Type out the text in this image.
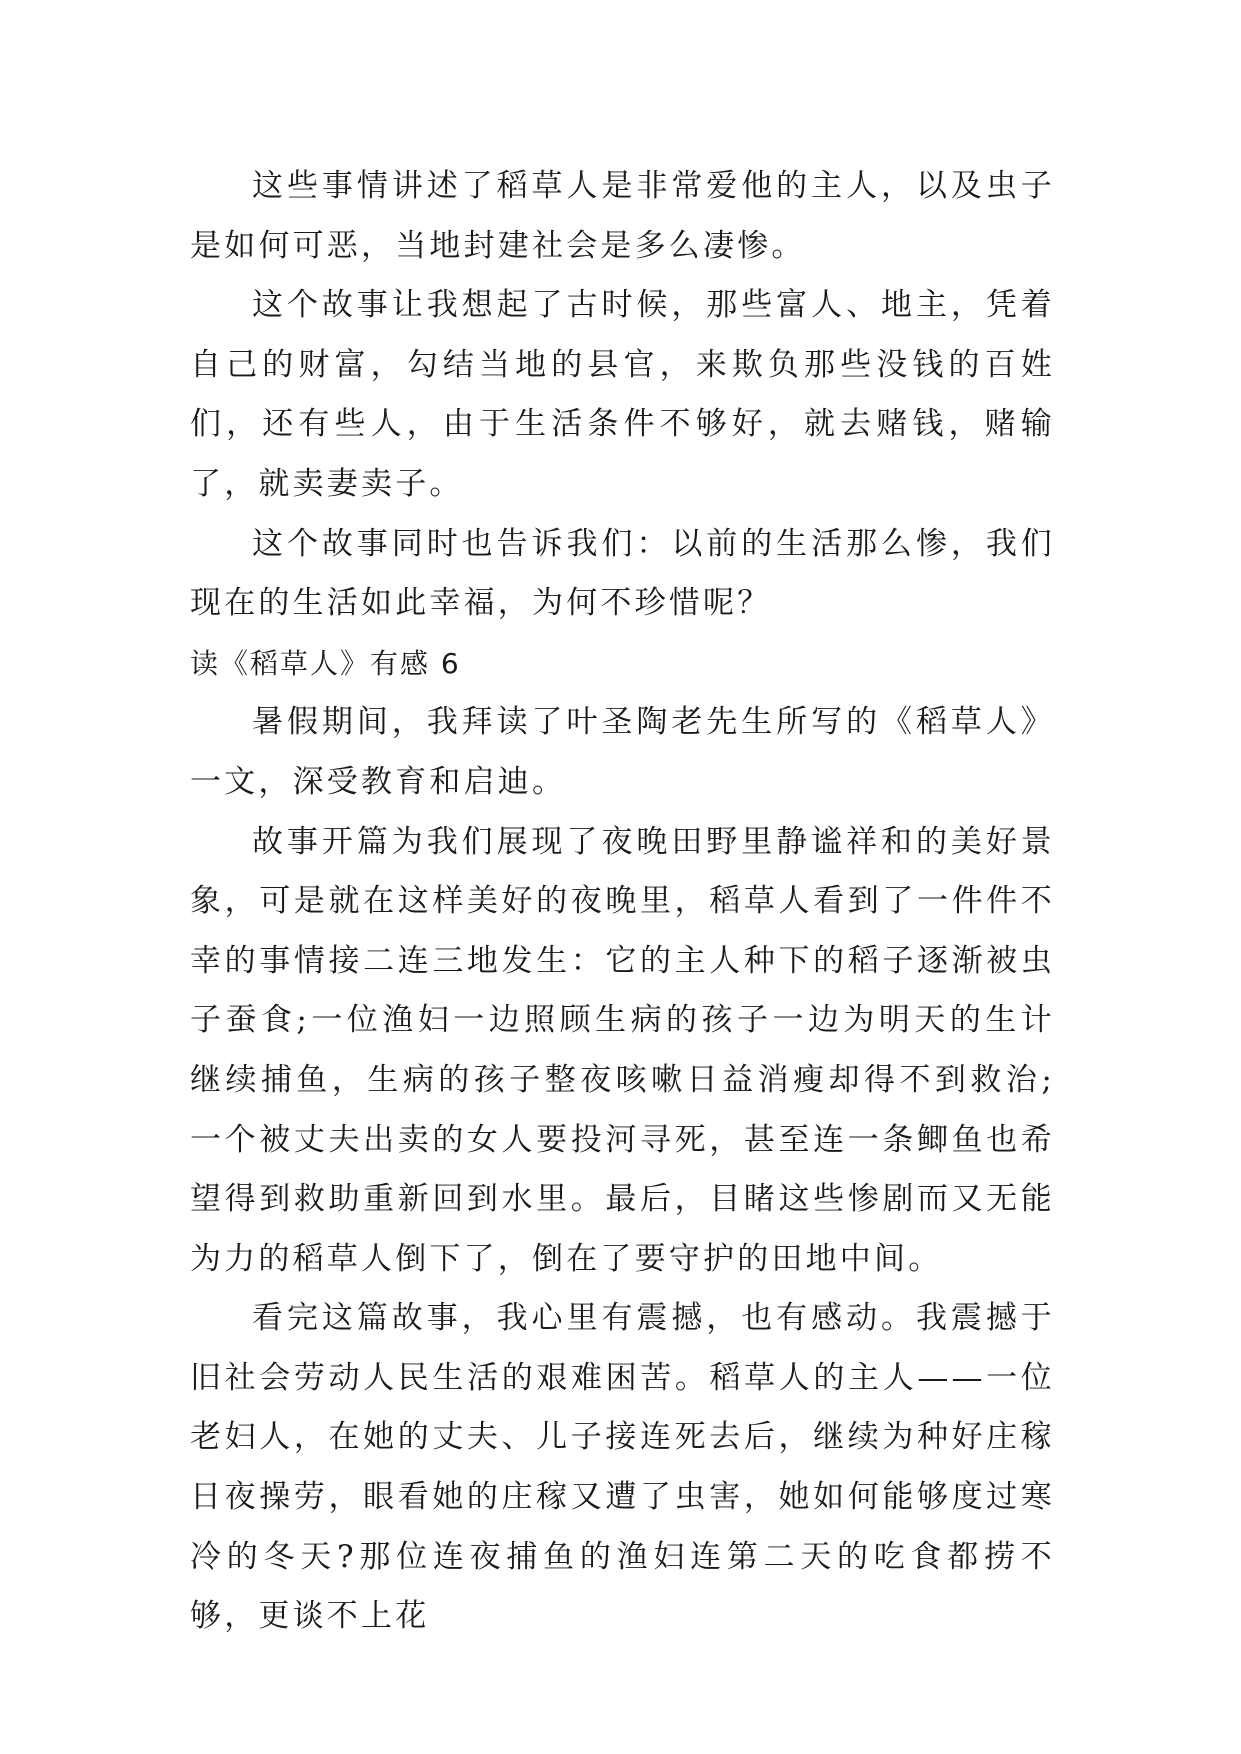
这些事情讲述了稻草人是非常爱他的主人，以及虫子是如何可恶，当地封建社会是多么凄惨。

这个故事让我想起了古时候，那些富人、地主，凭着自己的财富，勾结当地的县官，来欺负那些没钱的百姓们，还有些人，由于生活条件不够好，就去赌钱，赌输了，就卖妻卖子。

这个故事同时也告诉我们：以前的生活那么惨，我们现在的生活如此幸福，为何不珍惜呢？

读《稻草人》有感 6

暑假期间，我拜读了叶圣陶老先生所写的《稻草人》一文，深受教育和启迪。

故事开篇为我们展现了夜晚田野里静谧祥和的美好景象，可是就在这样美好的夜晚里，稻草人看到了一件件不幸的事情接二连三地发生：它的主人种下的稻子逐渐被虫子蚕食;一位渔妇一边照顾生病的孩子一边为明天的生计继续捕鱼，生病的孩子整夜咳嗽日益消瘦却得不到救治;一个被丈夫出卖的女人要投河寻死，甚至连一条鲫鱼也希望得到救助重新回到水里。最后，目睹这些惨剧而又无能为力的稻草人倒下了，倒在了要守护的田地中间。

看完这篇故事，我心里有震撼，也有感动。我震撼于旧社会劳动人民生活的艰难困苦。稻草人的主人——一位老妇人，在她的丈夫、儿子接连死去后，继续为种好庄稼日夜操劳，眼看她的庄稼又遭了虫害，她如何能够度过寒冷的冬天?那位连夜捕鱼的渔妇连第二天的吃食都捞不够，更谈不上花
